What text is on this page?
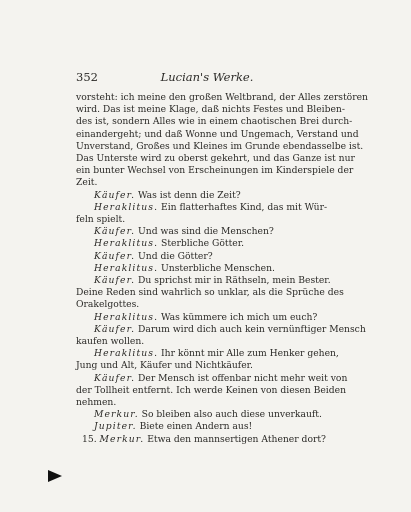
352	Lucian's Werke.
vorsteht: ich meine den großen Weltbrand, der Alles zerstören
wird. Das ist meine Klage, daß nichts Festes und Bleiben-
des ist, sondern Alles wie in einem chaotischen Brei durch-
einandergeht; und daß Wonne und Ungemach, Verstand und
Unverstand, Großes und Kleines im Grunde ebendasselbe ist.
Das Unterste wird zu oberst gekehrt, und das Ganze ist nur
ein bunter Wechsel von Erscheinungen im Kinderspiele der
Zeit.
Käufer. Was ist denn die Zeit?
Heraklitus. Ein flatterhaftes Kind, das mit Wür-
feln spielt.
Käufer. Und was sind die Menschen?
Heraklitus. Sterbliche Götter.
Käufer. Und die Götter?
Heraklitus. Unsterbliche Menschen.
Käufer. Du sprichst mir in Räthseln, mein Bester.
Deine Reden sind wahrlich so unklar, als die Sprüche des
Orakelgottes.
Heraklitus. Was kümmere ich mich um euch?
Käufer. Darum wird dich auch kein vernünftiger Mensch
kaufen wollen.
Heraklitus. Ihr könnt mir Alle zum Henker gehen,
Jung und Alt, Käufer und Nichtkäufer.
Käufer. Der Mensch ist offenbar nicht mehr weit von
der Tollheit entfernt. Ich werde Keinen von diesen Beiden
nehmen.
Merkur. So bleiben also auch diese unverkauft.
Jupiter. Biete einen Andern aus!
15. Merkur. Etwa den mannsertigen Athener dort?
